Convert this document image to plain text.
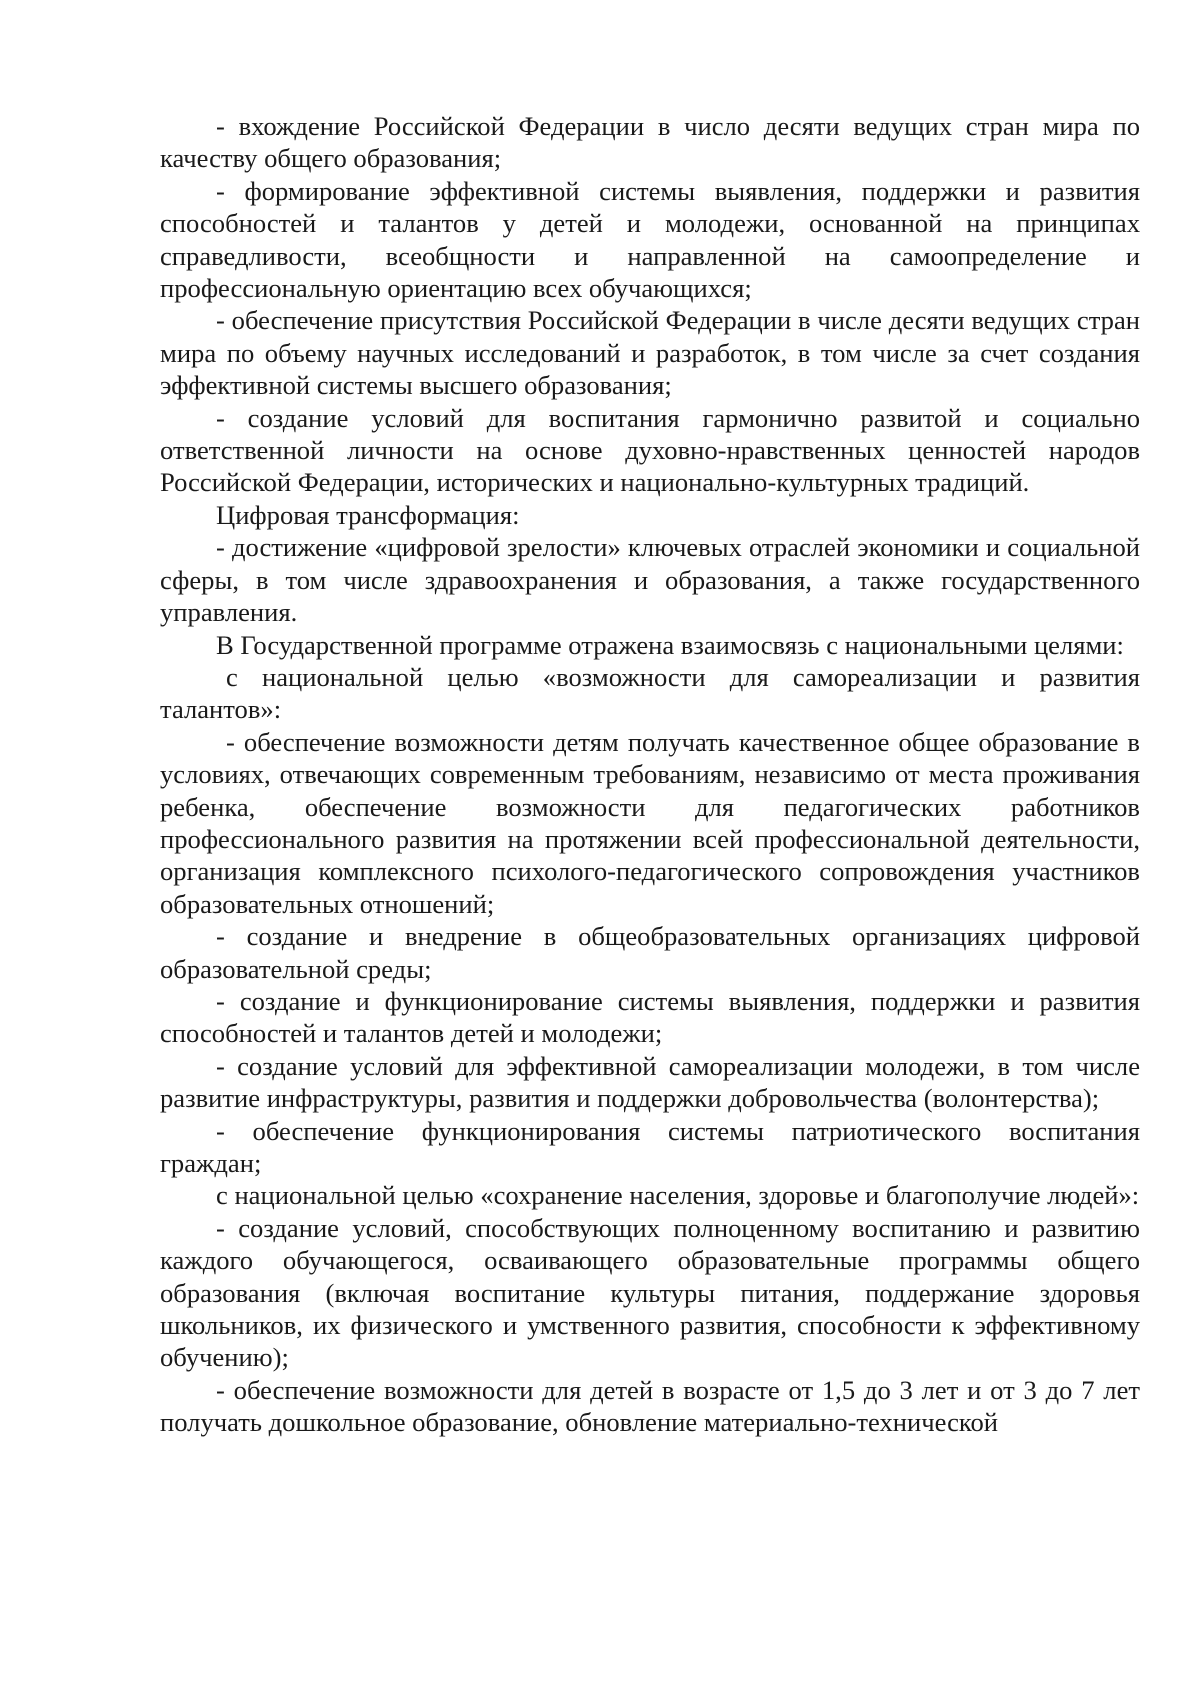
- вхождение Российской Федерации в число десяти ведущих стран мира по качеству общего образования;

- формирование эффективной системы выявления, поддержки и развития способностей и талантов у детей и молодежи, основанной на принципах справедливости, всеобщности и направленной на самоопределение и профессиональную ориентацию всех обучающихся;

- обеспечение присутствия Российской Федерации в числе десяти ведущих стран мира по объему научных исследований и разработок, в том числе за счет создания эффективной системы высшего образования;

- создание условий для воспитания гармонично развитой и социально ответственной личности на основе духовно-нравственных ценностей народов Российской Федерации, исторических и национально-культурных традиций.

Цифровая трансформация:

- достижение «цифровой зрелости» ключевых отраслей экономики и социальной сферы, в том числе здравоохранения и образования, а также государственного управления.

В Государственной программе отражена взаимосвязь с национальными целями:

с национальной целью «возможности для самореализации и развития талантов»:

- обеспечение возможности детям получать качественное общее образование в условиях, отвечающих современным требованиям, независимо от места проживания ребенка, обеспечение возможности для педагогических работников профессионального развития на протяжении всей профессиональной деятельности, организация комплексного психолого-педагогического сопровождения участников образовательных отношений;

- создание и внедрение в общеобразовательных организациях цифровой образовательной среды;

- создание и функционирование системы выявления, поддержки и развития способностей и талантов детей и молодежи;

- создание условий для эффективной самореализации молодежи, в том числе развитие инфраструктуры, развития и поддержки добровольчества (волонтерства);

- обеспечение функционирования системы патриотического воспитания граждан;

с национальной целью «сохранение населения, здоровье и благополучие людей»:

- создание условий, способствующих полноценному воспитанию и развитию каждого обучающегося, осваивающего образовательные программы общего образования (включая воспитание культуры питания, поддержание здоровья школьников, их физического и умственного развития, способности к эффективному обучению);

- обеспечение возможности для детей в возрасте от 1,5 до 3 лет и от 3 до 7 лет получать дошкольное образование, обновление материально-технической
